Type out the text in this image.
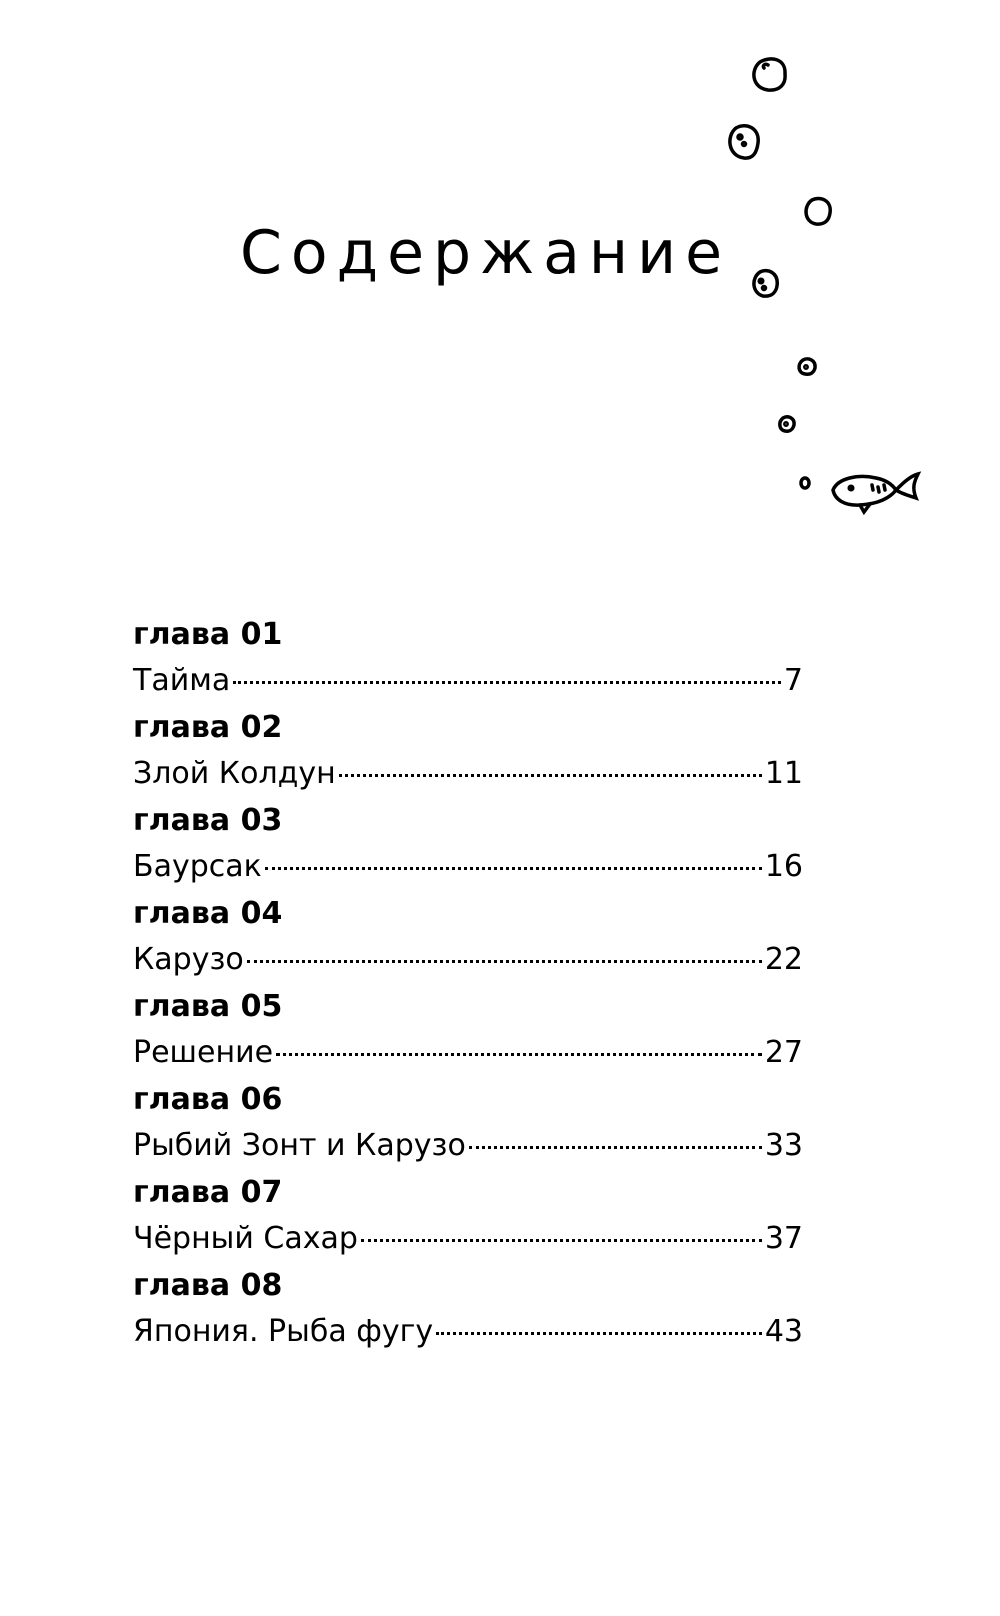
Содержание
глава 01
Тайма	7
глава 02
Злой Колдун	11
глава 03
Баурсак	16
глава 04
Карузо	22
глава 05
Решение	27
глава 06
Рыбий Зонт и Карузо	33
глава 07
Чёрный Сахар	37
глава 08
Япония. Рыба фугу	43
